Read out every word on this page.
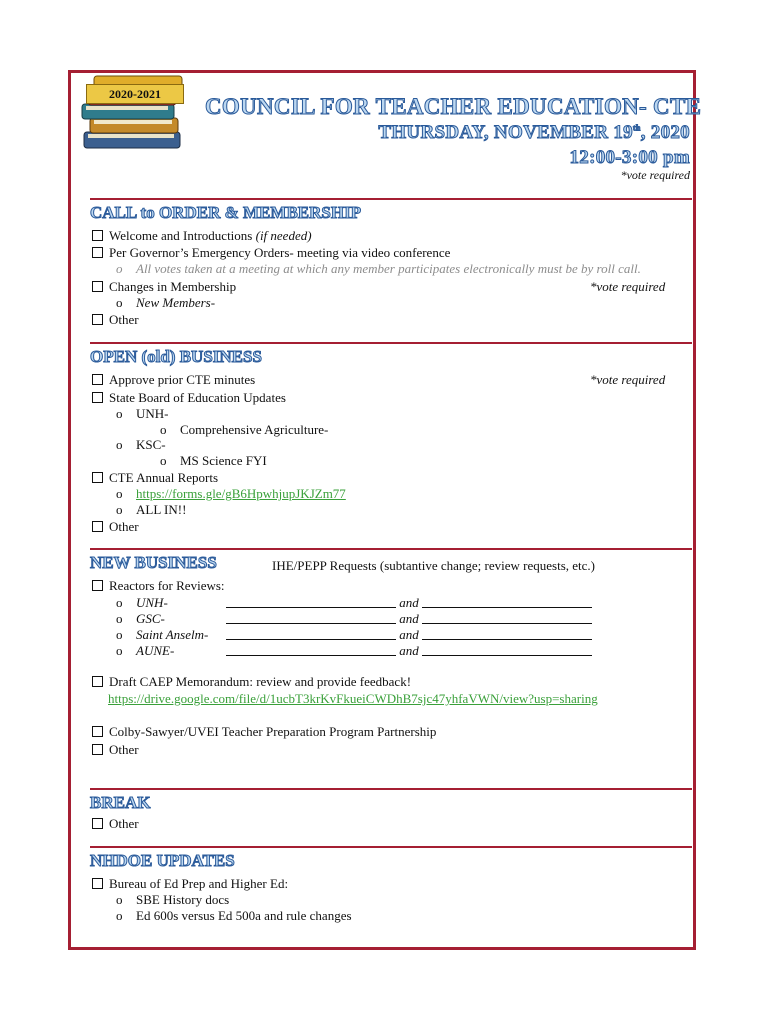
2020-2021	COUNCIL FOR TEACHER EDUCATION- CTE
THURSDAY, NOVEMBER 19th, 2020
12:00-3:00 pm
*vote required
CALL to ORDER & MEMBERSHIP
Welcome and Introductions (if needed)
Per Governor’s Emergency Orders- meeting via video conference
o All votes taken at a meeting at which any member participates electronically must be by roll call.
Changes in Membership	*vote required
o New Members-
Other
OPEN (old) BUSINESS
Approve prior CTE minutes	*vote required
State Board of Education Updates
o UNH-
o Comprehensive Agriculture-
o KSC-
o MS Science FYI
CTE Annual Reports
o https://forms.gle/gB6HpwhjupJKJZm77
o ALL IN!!
Other
NEW BUSINESS	IHE/PEPP Requests (subtantive change; review requests, etc.)
Reactors for Reviews:
o UNH-	and
o GSC-	and
o Saint Anselm-	and
o AUNE-	and
Draft CAEP Memorandum: review and provide feedback!
https://drive.google.com/file/d/1ucbT3krKvFkueiCWDhB7sjc47yhfaVWN/view?usp=sharing
Colby-Sawyer/UVEI Teacher Preparation Program Partnership
Other
BREAK
Other
NHDOE UPDATES
Bureau of Ed Prep and Higher Ed:
o SBE History docs
o Ed 600s versus Ed 500a and rule changes
